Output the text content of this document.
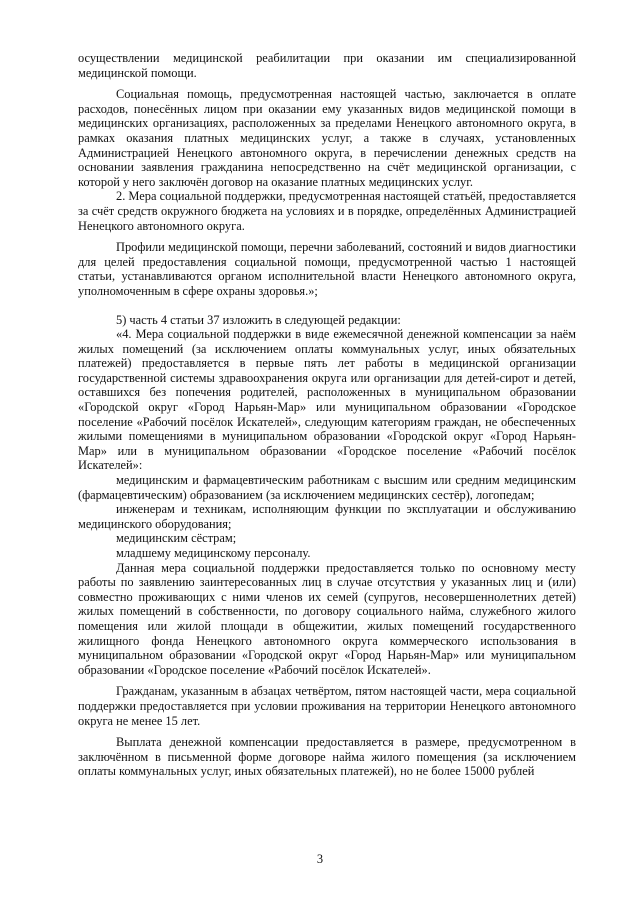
осуществлении медицинской реабилитации при оказании им специализированной медицинской помощи.

Социальная помощь, предусмотренная настоящей частью, заключается в оплате расходов, понесённых лицом при оказании ему указанных видов медицинской помощи в медицинских организациях, расположенных за пределами Ненецкого автономного округа, в рамках оказания платных медицинских услуг, а также в случаях, установленных Администрацией Ненецкого автономного округа, в перечислении денежных средств на основании заявления гражданина непосредственно на счёт медицинской организации, с которой у него заключён договор на оказание платных медицинских услуг.

2. Мера социальной поддержки, предусмотренная настоящей статьёй, предоставляется за счёт средств окружного бюджета на условиях и в порядке, определённых Администрацией Ненецкого автономного округа.

Профили медицинской помощи, перечни заболеваний, состояний и видов диагностики для целей предоставления социальной помощи, предусмотренной частью 1 настоящей статьи, устанавливаются органом исполнительной власти Ненецкого автономного округа, уполномоченным в сфере охраны здоровья.»;

5) часть 4 статьи 37 изложить в следующей редакции:

«4. Мера социальной поддержки в виде ежемесячной денежной компенсации за наём жилых помещений (за исключением оплаты коммунальных услуг, иных обязательных платежей) предоставляется в первые пять лет работы в медицинской организации государственной системы здравоохранения округа или организации для детей-сирот и детей, оставшихся без попечения родителей, расположенных в муниципальном образовании «Городской округ «Город Нарьян-Мар» или муниципальном образовании «Городское поселение «Рабочий посёлок Искателей», следующим категориям граждан, не обеспеченных жилыми помещениями в муниципальном образовании «Городской округ «Город Нарьян-Мар» или в муниципальном образовании «Городское поселение «Рабочий посёлок Искателей»:

медицинским и фармацевтическим работникам с высшим или средним медицинским (фармацевтическим) образованием (за исключением медицинских сестёр), логопедам;

инженерам и техникам, исполняющим функции по эксплуатации и обслуживанию медицинского оборудования;

медицинским сёстрам;

младшему медицинскому персоналу.

Данная мера социальной поддержки предоставляется только по основному месту работы по заявлению заинтересованных лиц в случае отсутствия у указанных лиц и (или) совместно проживающих с ними членов их семей (супругов, несовершеннолетних детей) жилых помещений в собственности, по договору социального найма, служебного жилого помещения или жилой площади в общежитии, жилых помещений государственного жилищного фонда Ненецкого автономного округа коммерческого использования в муниципальном образовании «Городской округ «Город Нарьян-Мар» или муниципальном образовании «Городское поселение «Рабочий посёлок Искателей».

Гражданам, указанным в абзацах четвёртом, пятом настоящей части, мера социальной поддержки предоставляется при условии проживания на территории Ненецкого автономного округа не менее 15 лет.

Выплата денежной компенсации предоставляется в размере, предусмотренном в заключённом в письменной форме договоре найма жилого помещения (за исключением оплаты коммунальных услуг, иных обязательных платежей), но не более 15000 рублей

3
